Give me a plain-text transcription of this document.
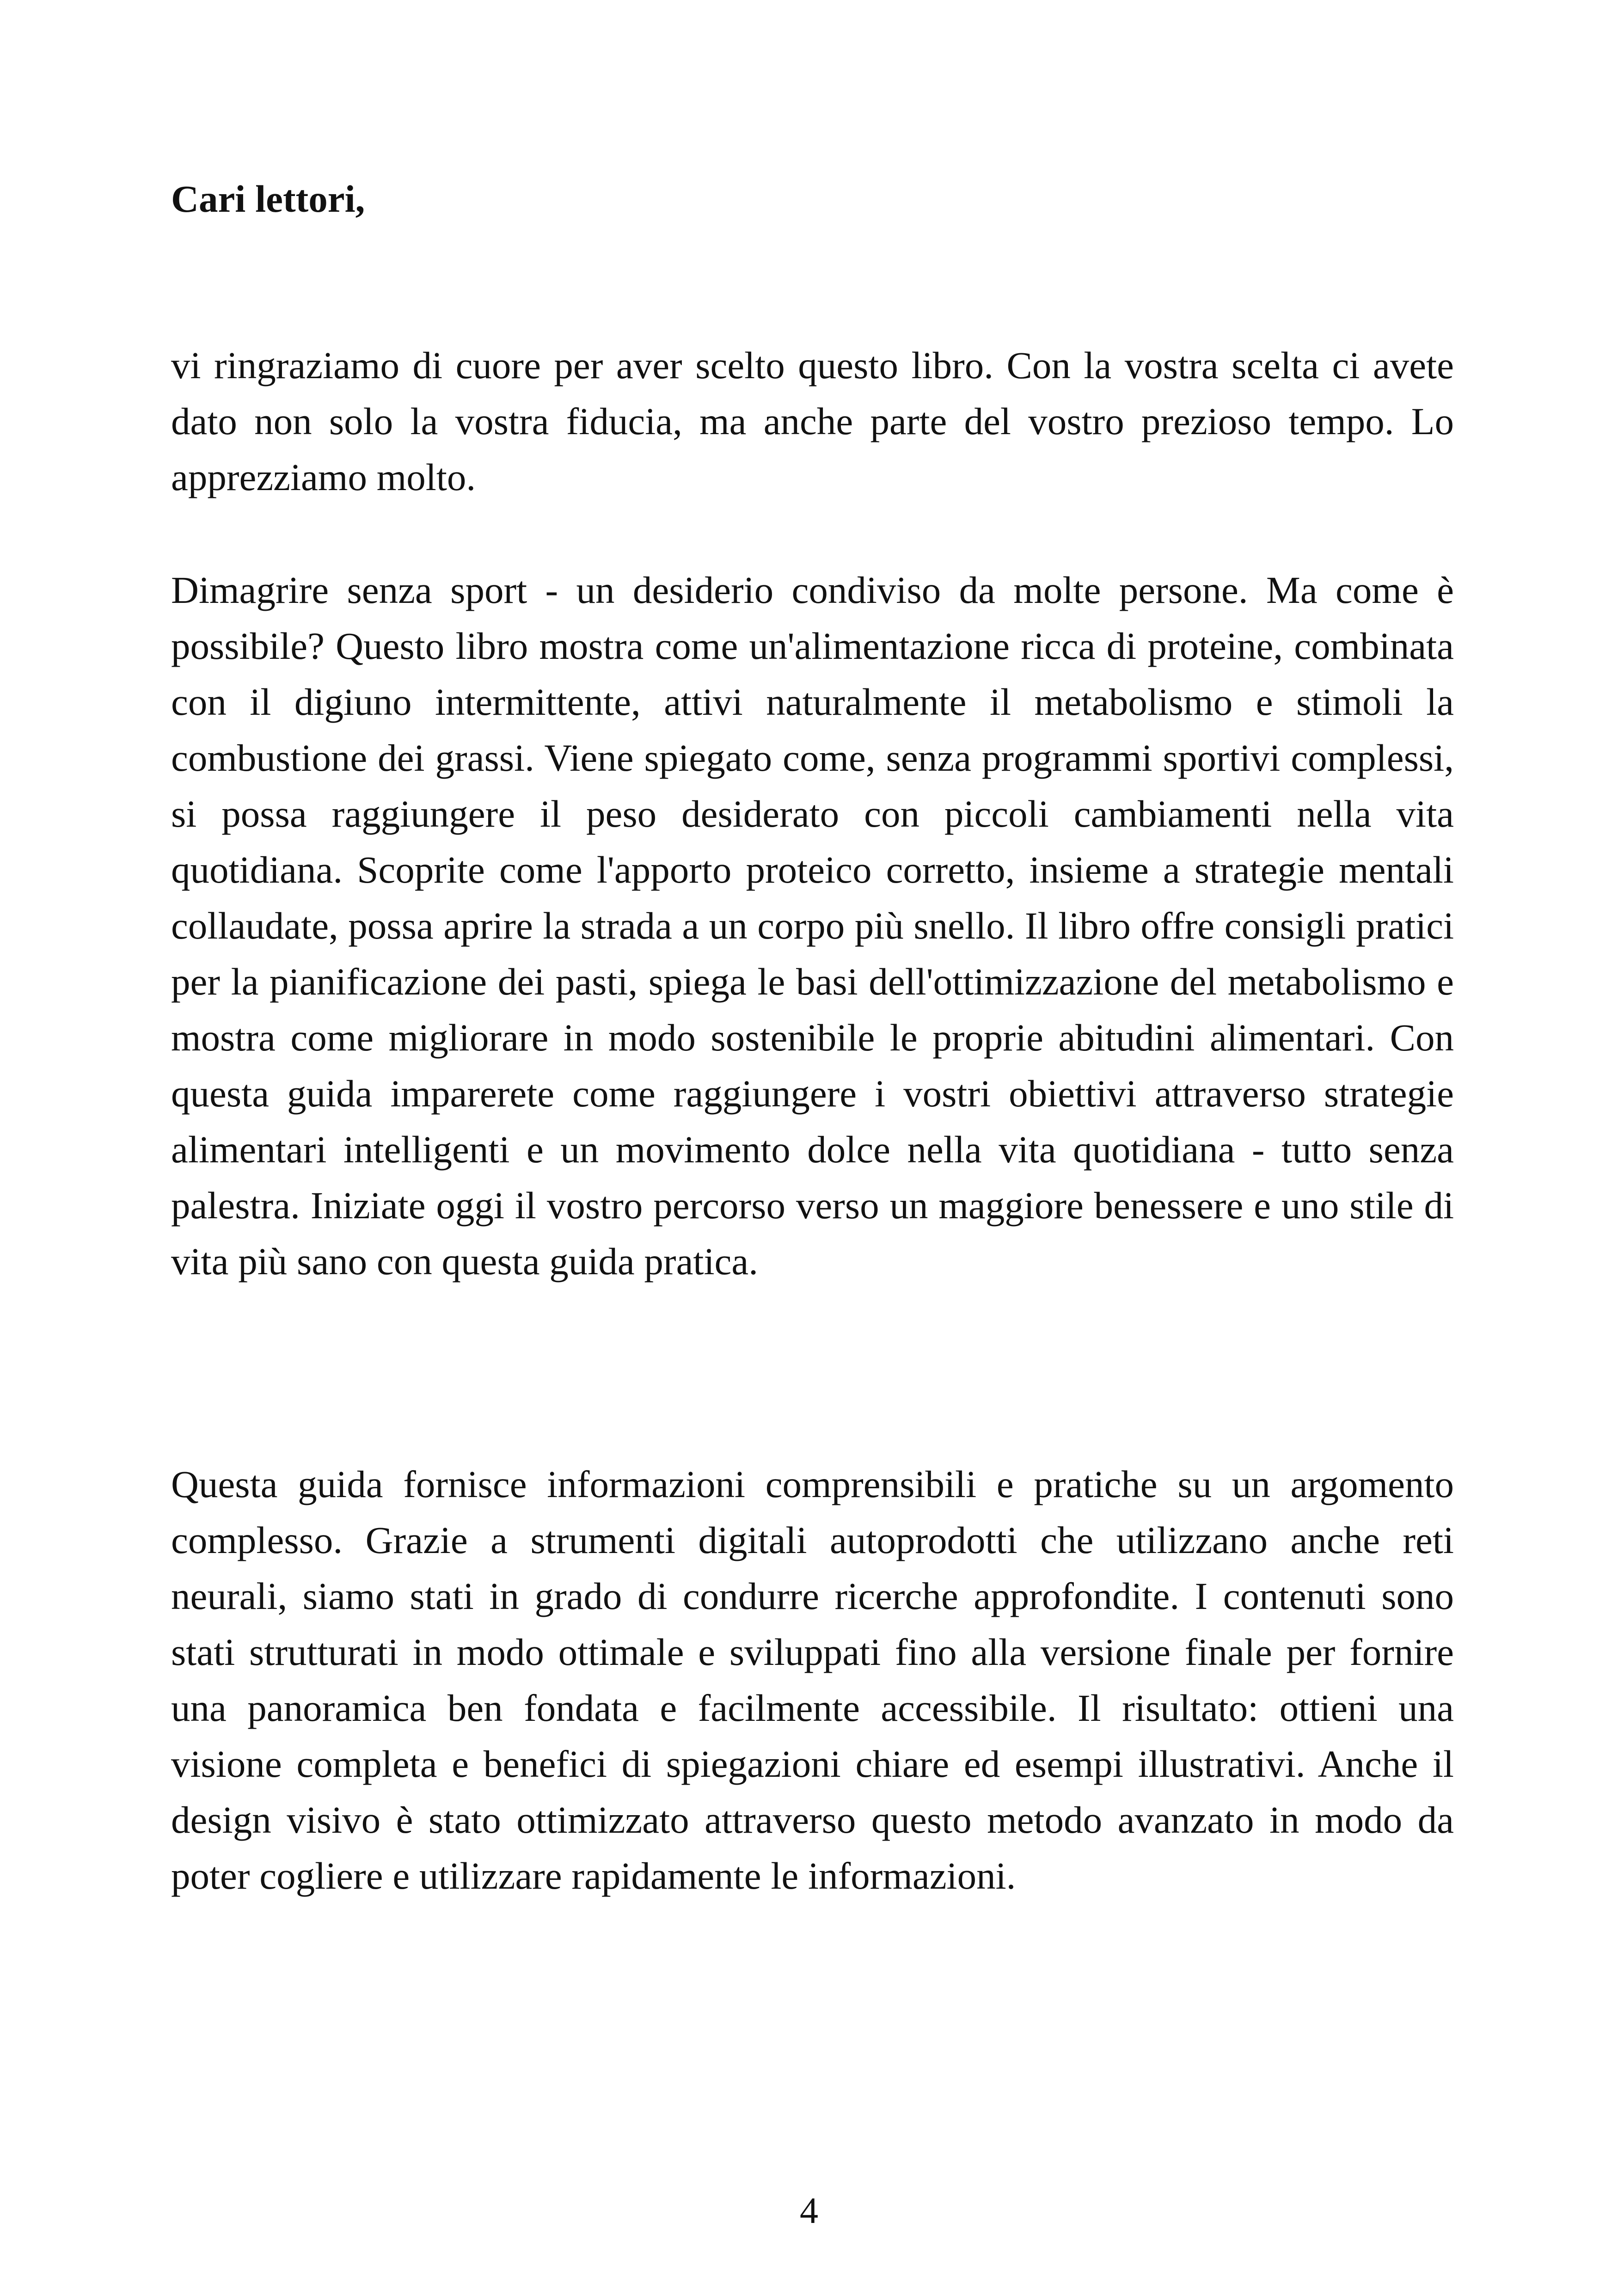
Cari lettori,

vi ringraziamo di cuore per aver scelto questo libro. Con la vostra scelta ci avete dato non solo la vostra fiducia, ma anche parte del vostro prezioso tempo. Lo apprezziamo molto.

Dimagrire senza sport - un desiderio condiviso da molte persone. Ma come è possibile? Questo libro mostra come un'alimentazione ricca di proteine, combinata con il digiuno intermittente, attivi naturalmente il metabolismo e stimoli la combustione dei grassi. Viene spiegato come, senza programmi sportivi complessi, si possa raggiungere il peso desiderato con piccoli cambiamenti nella vita quotidiana. Scoprite come l'apporto proteico corretto, insieme a strategie mentali collaudate, possa aprire la strada a un corpo più snello. Il libro offre consigli pratici per la pianificazione dei pasti, spiega le basi dell'ottimizzazione del metabolismo e mostra come migliorare in modo sostenibile le proprie abitudini alimentari. Con questa guida imparerete come raggiungere i vostri obiettivi attraverso strategie alimentari intelligenti e un movimento dolce nella vita quotidiana - tutto senza palestra. Iniziate oggi il vostro percorso verso un maggiore benessere e uno stile di vita più sano con questa guida pratica.

Questa guida fornisce informazioni comprensibili e pratiche su un argomento complesso. Grazie a strumenti digitali autoprodotti che utilizzano anche reti neurali, siamo stati in grado di condurre ricerche approfondite. I contenuti sono stati strutturati in modo ottimale e sviluppati fino alla versione finale per fornire una panoramica ben fondata e facilmente accessibile. Il risultato: ottieni una visione completa e benefici di spiegazioni chiare ed esempi illustrativi. Anche il design visivo è stato ottimizzato attraverso questo metodo avanzato in modo da poter cogliere e utilizzare rapidamente le informazioni.

4
